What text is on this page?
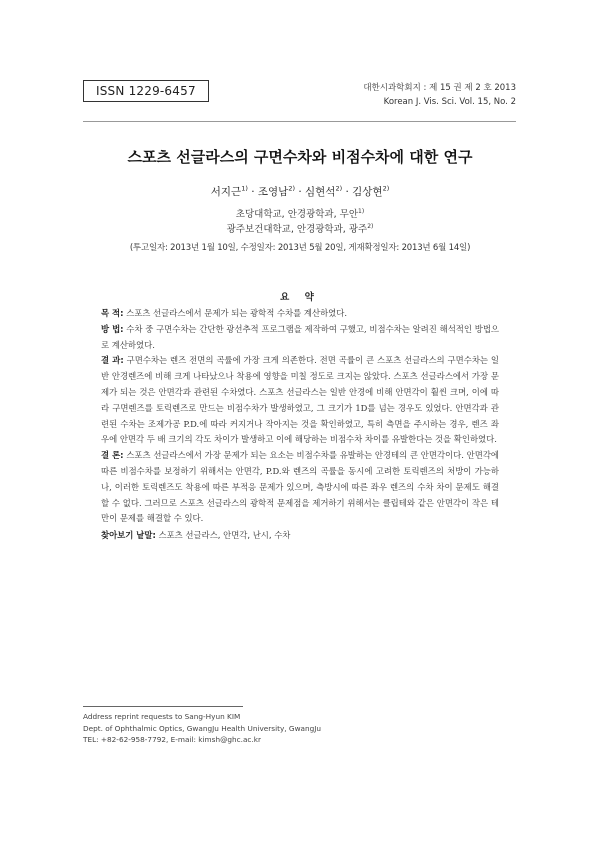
ISSN 1229-6457	대한시과학회지 : 제 15 권 제 2 호 2013
Korean J. Vis. Sci. Vol. 15, No. 2
스포츠 선글라스의 구면수차와 비점수차에 대한 연구
서지근$^{1)}$ · 조영남$^{2)}$ · 심현석$^{2)}$ · 김상현$^{2)}$
초당대학교, 안경광학과, 무안$^{1)}$
광주보건대학교, 안경광학과, 광주$^{2)}$
(투고일자: 2013년 1월 10일, 수정일자: 2013년 5월 20일, 게재확정일자: 2013년 6월 14일)
요 약

목 적: 스포츠 선글라스에서 문제가 되는 광학적 수차를 계산하였다.

방 법: 수차 중 구면수차는 간단한 광선추적 프로그램을 제작하여 구했고, 비점수차는 알려진 해석적인 방법으로 계산하였다.

결 과: 구면수차는 렌즈 전면의 곡률에 가장 크게 의존한다. 전면 곡률이 큰 스포츠 선글라스의 구면수차는 일반 안경렌즈에 비해 크게 나타났으나 착용에 영향을 미칠 정도로 크지는 않았다. 스포츠 선글라스에서 가장 문제가 되는 것은 안면각과 관련된 수차였다. 스포츠 선글라스는 일반 안경에 비해 안면각이 훨씬 크며, 이에 따라 구면렌즈를 토릭렌즈로 만드는 비점수차가 발생하였고, 그 크기가 1D를 넘는 경우도 있었다. 안면각과 관련된 수차는 조제가공 P.D.에 따라 커지거나 작아지는 것을 확인하였고, 특히 측면을 주시하는 경우, 렌즈 좌우에 안면각 두 배 크기의 각도 차이가 발생하고 이에 해당하는 비점수차 차이를 유발한다는 것을 확인하였다.

결 론: 스포츠 선글라스에서 가장 문제가 되는 요소는 비점수차를 유발하는 안경테의 큰 안면각이다. 안면각에 따른 비점수차를 보정하기 위해서는 안면각, P.D.와 렌즈의 곡률을 동시에 고려한 토릭렌즈의 처방이 가능하나, 이러한 토릭렌즈도 착용에 따른 부적응 문제가 있으며, 측방시에 따른 좌우 렌즈의 수차 차이 문제도 해결할 수 없다. 그러므로 스포츠 선글라스의 광학적 문제점을 제거하기 위해서는 클립테와 같은 안면각이 작은 테만이 문제를 해결할 수 있다.

찾아보기 낱말: 스포츠 선글라스, 안면각, 난시, 수차
Address reprint requests to Sang-Hyun KIM
Dept. of Ophthalmic Optics, GwangJu Health University, GwangJu
TEL: +82-62-958-7792, E-mail: kimsh@ghc.ac.kr
